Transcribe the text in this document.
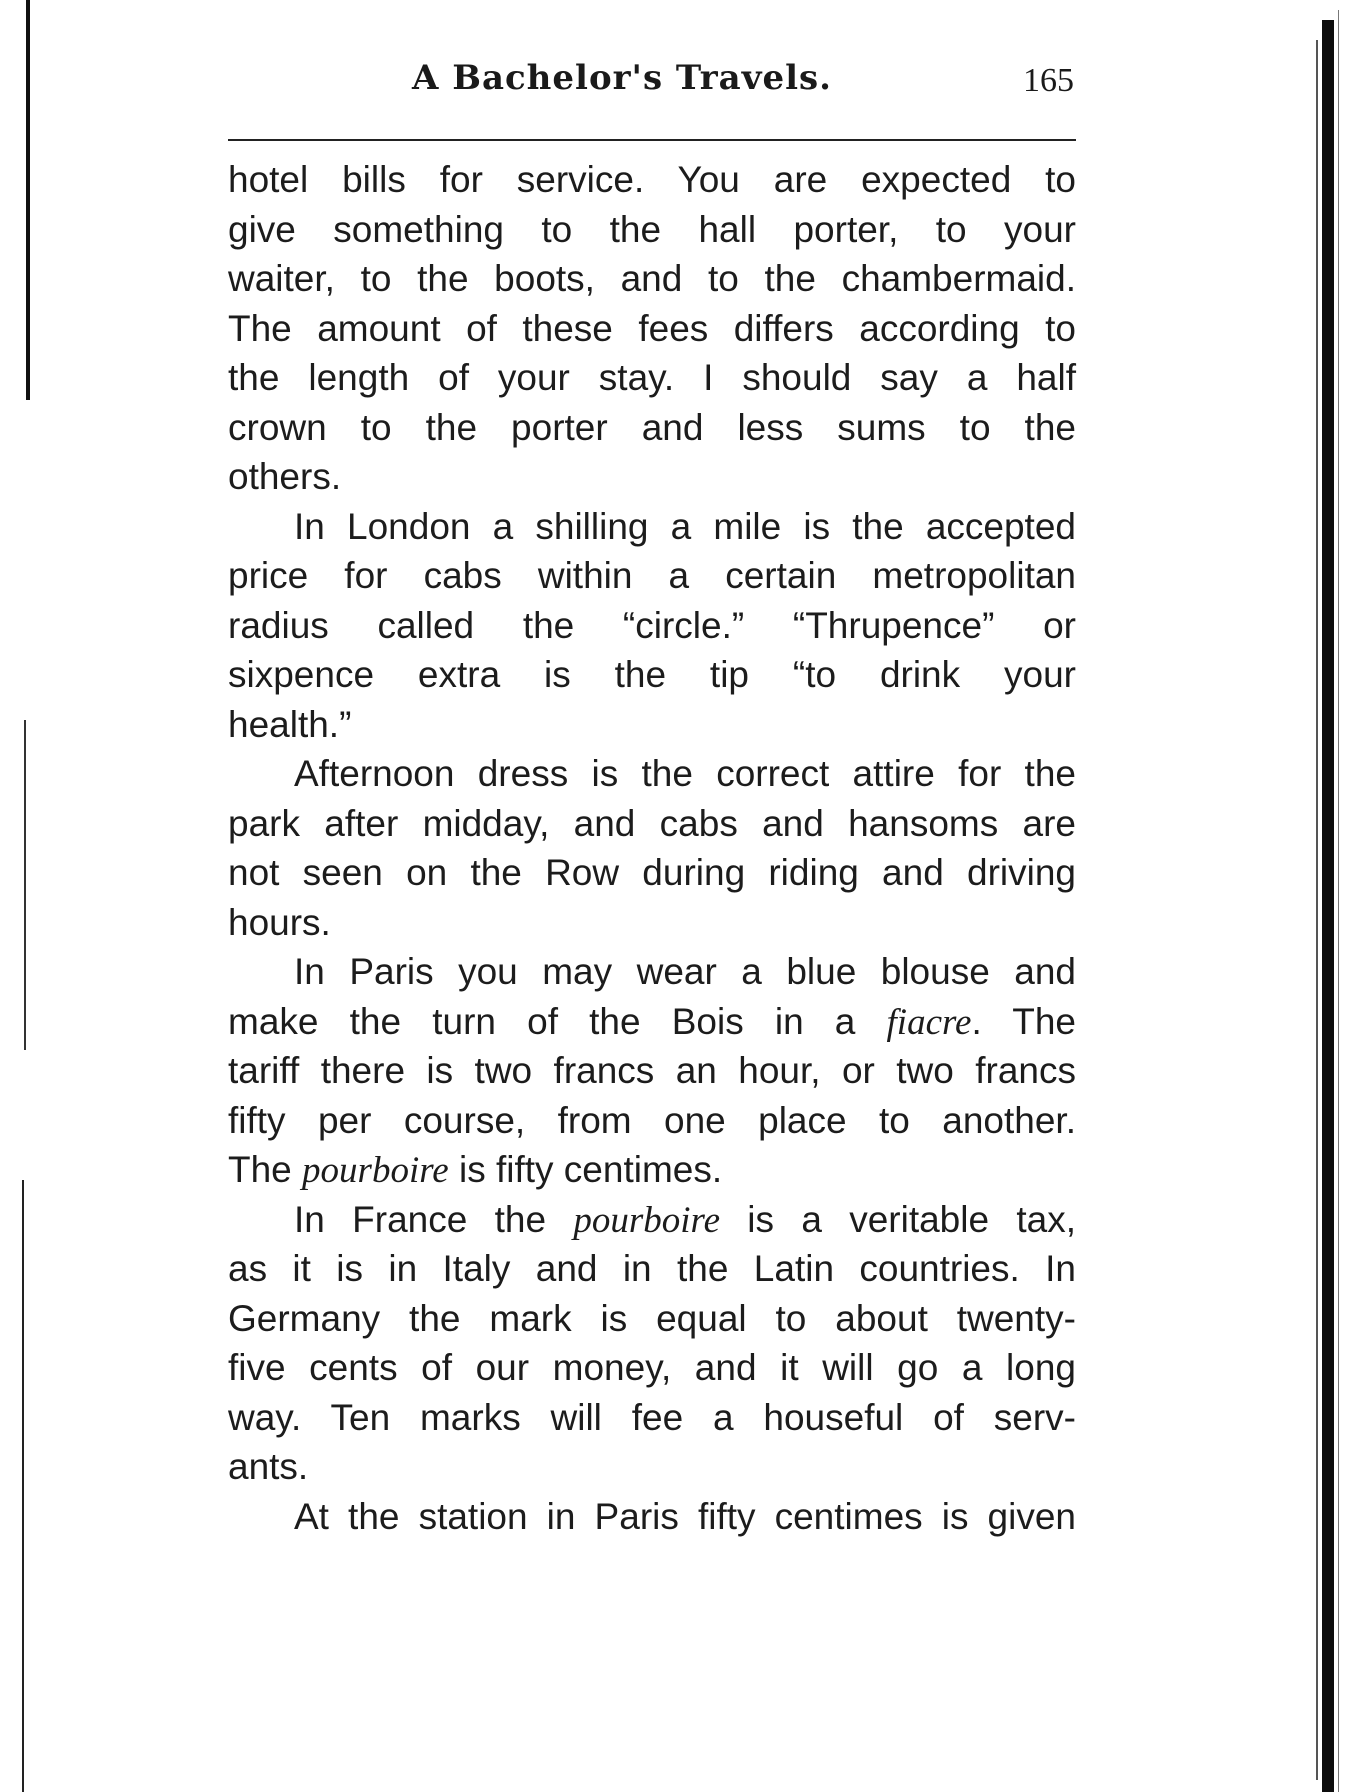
A Bachelor's Travels.	165
hotel bills for service. You are expected to
give something to the hall porter, to your
waiter, to the boots, and to the chambermaid.
The amount of these fees differs according to
the length of your stay. I should say a half
crown to the porter and less sums to the
others.
In London a shilling a mile is the accepted
price for cabs within a certain metropolitan
radius called the “circle.” “Thrupence” or
sixpence extra is the tip “to drink your
health.”
Afternoon dress is the correct attire for the
park after midday, and cabs and hansoms are
not seen on the Row during riding and driving
hours.
In Paris you may wear a blue blouse and
make the turn of the Bois in a fiacre. The
tariff there is two francs an hour, or two francs
fifty per course, from one place to another.
The pourboire is fifty centimes.
In France the pourboire is a veritable tax,
as it is in Italy and in the Latin countries. In
Germany the mark is equal to about twenty-
five cents of our money, and it will go a long
way. Ten marks will fee a houseful of serv-
ants.
At the station in Paris fifty centimes is given
